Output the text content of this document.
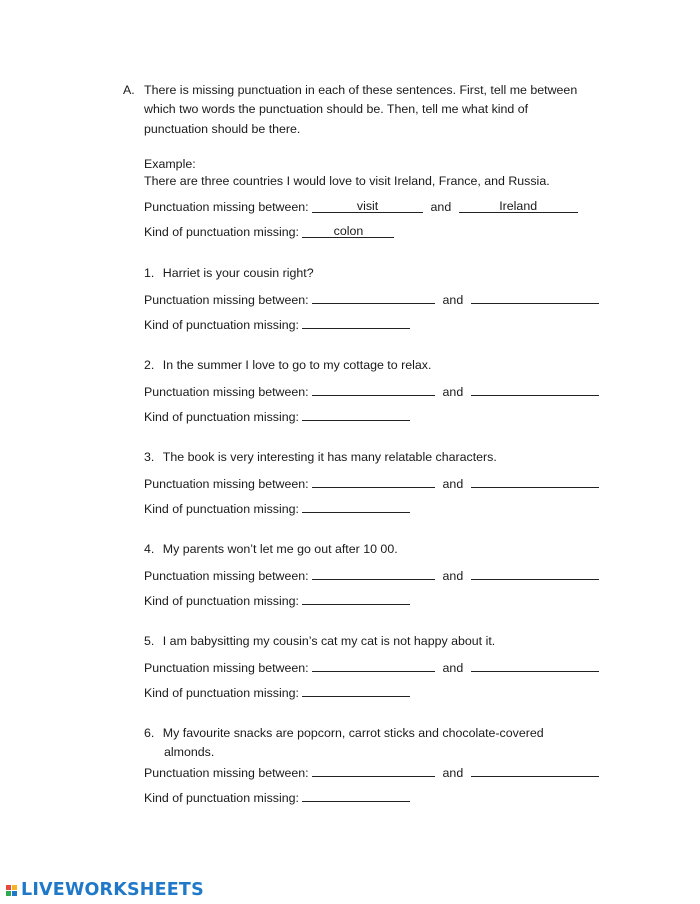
A. There is missing punctuation in each of these sentences. First, tell me between
which two words the punctuation should be. Then, tell me what kind of
punctuation should be there.
Example:
There are three countries I would love to visit Ireland, France, and Russia.
Punctuation missing between:	visit	and	Ireland
Kind of punctuation missing:	colon
1. Harriet is your cousin right?
Punctuation missing between:	and
Kind of punctuation missing:
2. In the summer I love to go to my cottage to relax.
Punctuation missing between:	and
Kind of punctuation missing:
3. The book is very interesting it has many relatable characters.
Punctuation missing between:	and
Kind of punctuation missing:
4. My parents won’t let me go out after 10 00.
Punctuation missing between:	and
Kind of punctuation missing:
5. I am babysitting my cousin’s cat my cat is not happy about it.
Punctuation missing between:	and
Kind of punctuation missing:
6. My favourite snacks are popcorn, carrot sticks and chocolate-covered
almonds.
Punctuation missing between:	and
Kind of punctuation missing:
LIVEWORKSHEETS
